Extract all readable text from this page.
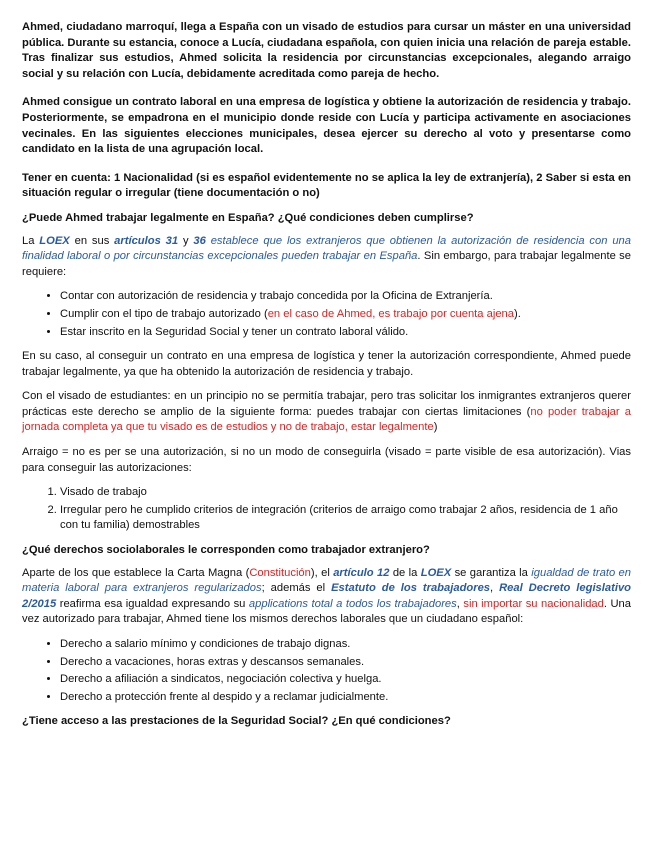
Ahmed, ciudadano marroquí, llega a España con un visado de estudios para cursar un máster en una universidad pública. Durante su estancia, conoce a Lucía, ciudadana española, con quien inicia una relación de pareja estable. Tras finalizar sus estudios, Ahmed solicita la residencia por circunstancias excepcionales, alegando arraigo social y su relación con Lucía, debidamente acreditada como pareja de hecho.

Ahmed consigue un contrato laboral en una empresa de logística y obtiene la autorización de residencia y trabajo. Posteriormente, se empadrona en el municipio donde reside con Lucía y participa activamente en asociaciones vecinales. En las siguientes elecciones municipales, desea ejercer su derecho al voto y presentarse como candidato en la lista de una agrupación local.

Tener en cuenta: 1 Nacionalidad (si es español evidentemente no se aplica la ley de extranjería), 2 Saber si esta en situación regular o irregular (tiene documentación o no)

¿Puede Ahmed trabajar legalmente en España? ¿Qué condiciones deben cumplirse?

La LOEX en sus artículos 31 y 36 establece que los extranjeros que obtienen la autorización de residencia con una finalidad laboral o por circunstancias excepcionales pueden trabajar en España. Sin embargo, para trabajar legalmente se requiere:

• Contar con autorización de residencia y trabajo concedida por la Oficina de Extranjería.
• Cumplir con el tipo de trabajo autorizado (en el caso de Ahmed, es trabajo por cuenta ajena).
• Estar inscrito en la Seguridad Social y tener un contrato laboral válido.

En su caso, al conseguir un contrato en una empresa de logística y tener la autorización correspondiente, Ahmed puede trabajar legalmente, ya que ha obtenido la autorización de residencia y trabajo.

Con el visado de estudiantes: en un principio no se permitía trabajar, pero tras solicitar los inmigrantes extranjeros querer prácticas este derecho se amplio de la siguiente forma: puedes trabajar con ciertas limitaciones (no poder trabajar a jornada completa ya que tu visado es de estudios y no de trabajo, estar legalmente)

Arraigo = no es per se una autorización, si no un modo de conseguirla (visado = parte visible de esa autorización). Vias para conseguir las autorizaciones:

1. Visado de trabajo
2. Irregular pero he cumplido criterios de integración (criterios de arraigo como trabajar 2 años, residencia de 1 año con tu familia) demostrables

¿Qué derechos sociolaborales le corresponden como trabajador extranjero?

Aparte de los que establece la Carta Magna (Constitución), el artículo 12 de la LOEX se garantiza la igualdad de trato en materia laboral para extranjeros regularizados; además el Estatuto de los trabajadores, Real Decreto legislativo 2/2015 reafirma esa igualdad expresando su applications total a todos los trabajadores, sin importar su nacionalidad. Una vez autorizado para trabajar, Ahmed tiene los mismos derechos laborales que un ciudadano español:

• Derecho a salario mínimo y condiciones de trabajo dignas.
• Derecho a vacaciones, horas extras y descansos semanales.
• Derecho a afiliación a sindicatos, negociación colectiva y huelga.
• Derecho a protección frente al despido y a reclamar judicialmente.

¿Tiene acceso a las prestaciones de la Seguridad Social? ¿En qué condiciones?
